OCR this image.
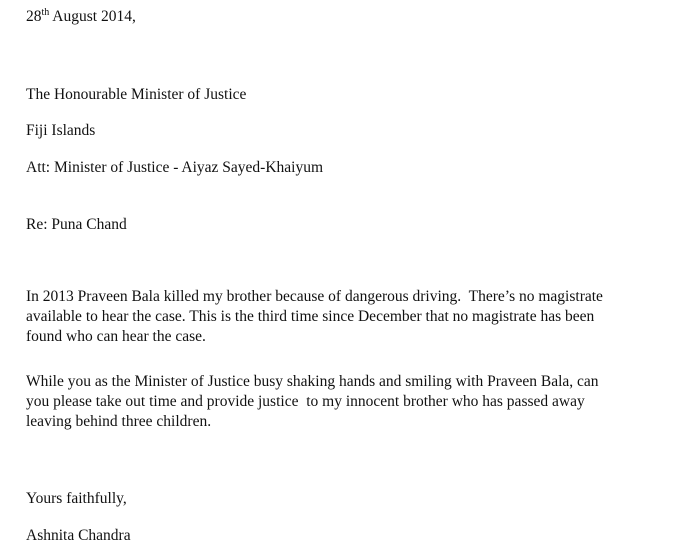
28th August 2014,
The Honourable Minister of Justice
Fiji Islands
Att: Minister of Justice - Aiyaz Sayed-Khaiyum
Re: Puna Chand
In 2013 Praveen Bala killed my brother because of dangerous driving.  There’s no magistrate
available to hear the case. This is the third time since December that no magistrate has been
found who can hear the case.
While you as the Minister of Justice busy shaking hands and smiling with Praveen Bala, can
you please take out time and provide justice  to my innocent brother who has passed away
leaving behind three children.
Yours faithfully,
Ashnita Chandra
